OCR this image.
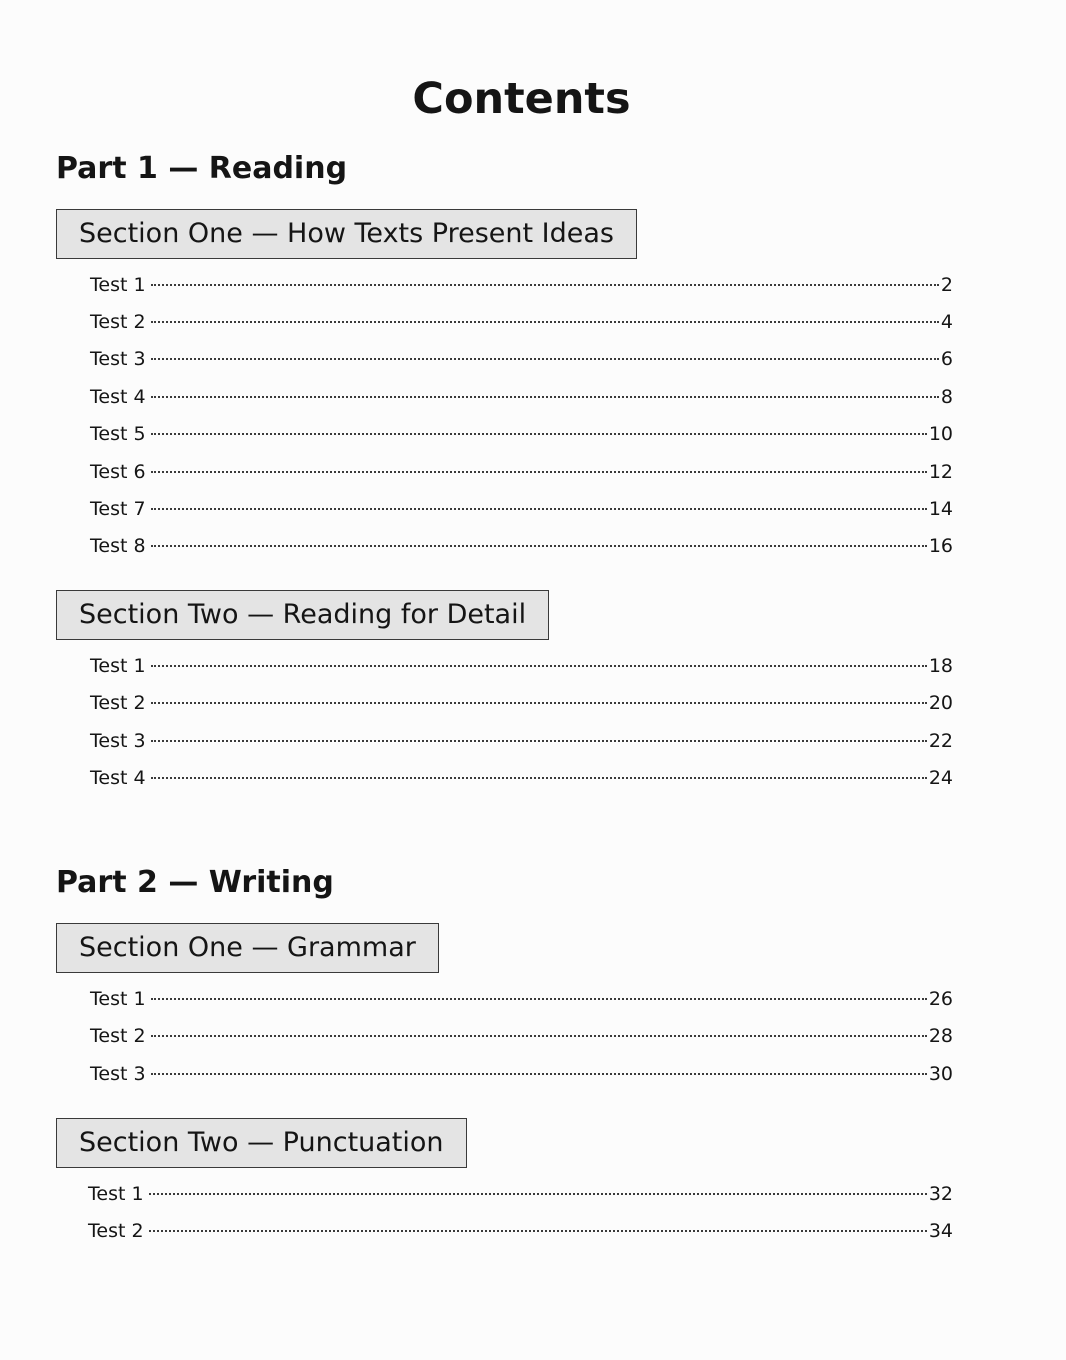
Contents
Part 1 — Reading
Section One — How Texts Present Ideas
Test 1	2
Test 2	4
Test 3	6
Test 4	8
Test 5	10
Test 6	12
Test 7	14
Test 8	16
Section Two — Reading for Detail
Test 1	18
Test 2	20
Test 3	22
Test 4	24
Part 2 — Writing
Section One — Grammar
Test 1	26
Test 2	28
Test 3	30
Section Two — Punctuation
Test 1	32
Test 2	34
